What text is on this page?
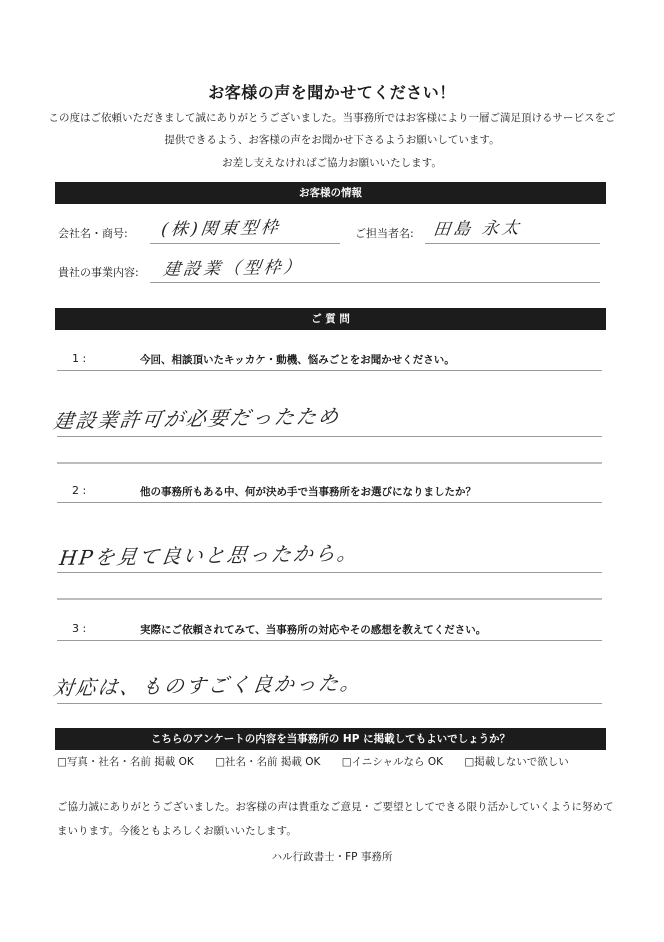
お客様の声を聞かせてください！
この度はご依頼いただきまして誠にありがとうございました。当事務所ではお客様により一層ご満足頂けるサービスをご
提供できるよう、お客様の声をお聞かせ下さるようお願いしています。
お差し支えなければご協力お願いいたします。
お客様の情報
会社名・商号: (株)関東型枠	ご担当者名: 田島 永太
貴社の事業内容: 建設業（型枠）
ご 質 問
1 :	今回、相談頂いたキッカケ・動機、悩みごとをお聞かせください。
建設業許可が必要だったため
2 :	他の事務所もある中、何が決め手で当事務所をお選びになりましたか？
HPを見て良いと思ったから。
3 :	実際にご依頼されてみて、当事務所の対応やその感想を教えてください。
対応は、ものすごく良かった。
こちらのアンケートの内容を当事務所の HP に掲載してもよいでしょうか？
□写真・社名・名前 掲載 OK □社名・名前 掲載 OK □イニシャルなら OK □掲載しないで欲しい
ご協力誠にありがとうございました。お客様の声は貴重なご意見・ご要望としてできる限り活かしていくように努めて
まいります。今後ともよろしくお願いいたします。
ハル行政書士・FP 事務所
